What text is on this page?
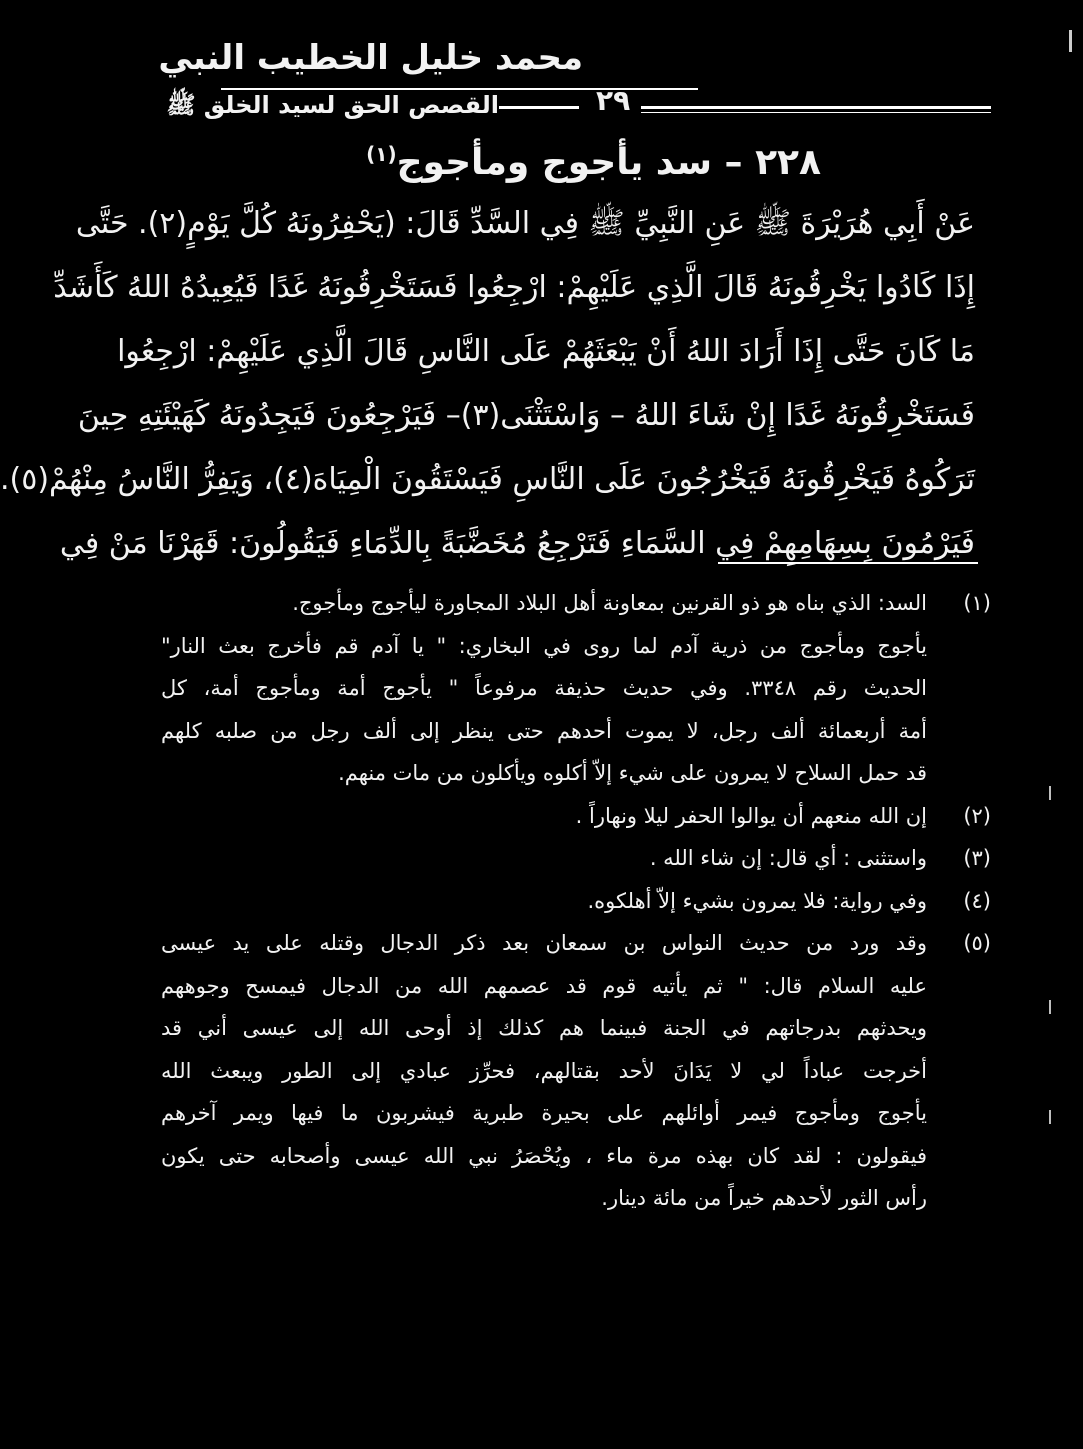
محمد خليل الخطيب النبي
القصص الحق لسيد الخلق ﷺ	٢٩
٢٢٨ – سد يأجوج ومأجوج$^{(١)}$
عَنْ أَبِي هُرَيْرَةَ ﷺ عَنِ النَّبِيِّ ﷺ فِي السَّدِّ قَالَ: (يَحْفِرُونَهُ كُلَّ يَوْمٍ(٢). حَتَّى
إِذَا كَادُوا يَخْرِقُونَهُ قَالَ الَّذِي عَلَيْهِمْ: ارْجِعُوا فَسَتَخْرِقُونَهُ غَدًا فَيُعِيدُهُ اللهُ كَأَشَدِّ
مَا كَانَ حَتَّى إِذَا أَرَادَ اللهُ أَنْ يَبْعَثَهُمْ عَلَى النَّاسِ قَالَ الَّذِي عَلَيْهِمْ: ارْجِعُوا
فَسَتَخْرِقُونَهُ غَدًا إِنْ شَاءَ اللهُ – وَاسْتَثْنَى(٣)– فَيَرْجِعُونَ فَيَجِدُونَهُ كَهَيْئَتِهِ حِينَ
تَرَكُوهُ فَيَخْرِقُونَهُ فَيَخْرُجُونَ عَلَى النَّاسِ فَيَسْتَقُونَ الْمِيَاهَ(٤)، وَيَفِرُّ النَّاسُ مِنْهُمْ(٥).
فَيَرْمُونَ بِسِهَامِهِمْ فِي السَّمَاءِ فَتَرْجِعُ مُخَضَّبَةً بِالدِّمَاءِ فَيَقُولُونَ: قَهَرْنَا مَنْ فِي
(١)
السد: الذي بناه هو ذو القرنين بمعاونة أهل البلاد المجاورة ليأجوج ومأجوج.
يأجوج ومأجوج من ذرية آدم لما روى في البخاري: " يا آدم قم فأخرج بعث النار"
الحديث رقم ٣٣٤٨. وفي حديث حذيفة مرفوعاً " يأجوج أمة ومأجوج أمة، كل
أمة أربعمائة ألف رجل، لا يموت أحدهم حتى ينظر إلى ألف رجل من صلبه كلهم
قد حمل السلاح لا يمرون على شيء إلاّ أكلوه ويأكلون من مات منهم.
(٢)
إن الله منعهم أن يوالوا الحفر ليلا ونهاراً .
(٣)
واستثنى : أي قال: إن شاء الله .
(٤)
وفي رواية: فلا يمرون بشيء إلاّ أهلكوه.
(٥)
وقد ورد من حديث النواس بن سمعان بعد ذكر الدجال وقتله على يد عيسى
عليه السلام قال: " ثم يأتيه قوم قد عصمهم الله من الدجال فيمسح وجوههم
ويحدثهم بدرجاتهم في الجنة فبينما هم كذلك إذ أوحى الله إلى عيسى أني قد
أخرجت عباداً لي لا يَدَانَ لأحد بقتالهم، فحرِّز عبادي إلى الطور ويبعث الله
يأجوج ومأجوج فيمر أوائلهم على بحيرة طبرية فيشربون ما فيها ويمر آخرهم
فيقولون : لقد كان بهذه مرة ماء ، ويُحْصَرُ نبي الله عيسى وأصحابه حتى يكون
رأس الثور لأحدهم خيراً من مائة دينار.
